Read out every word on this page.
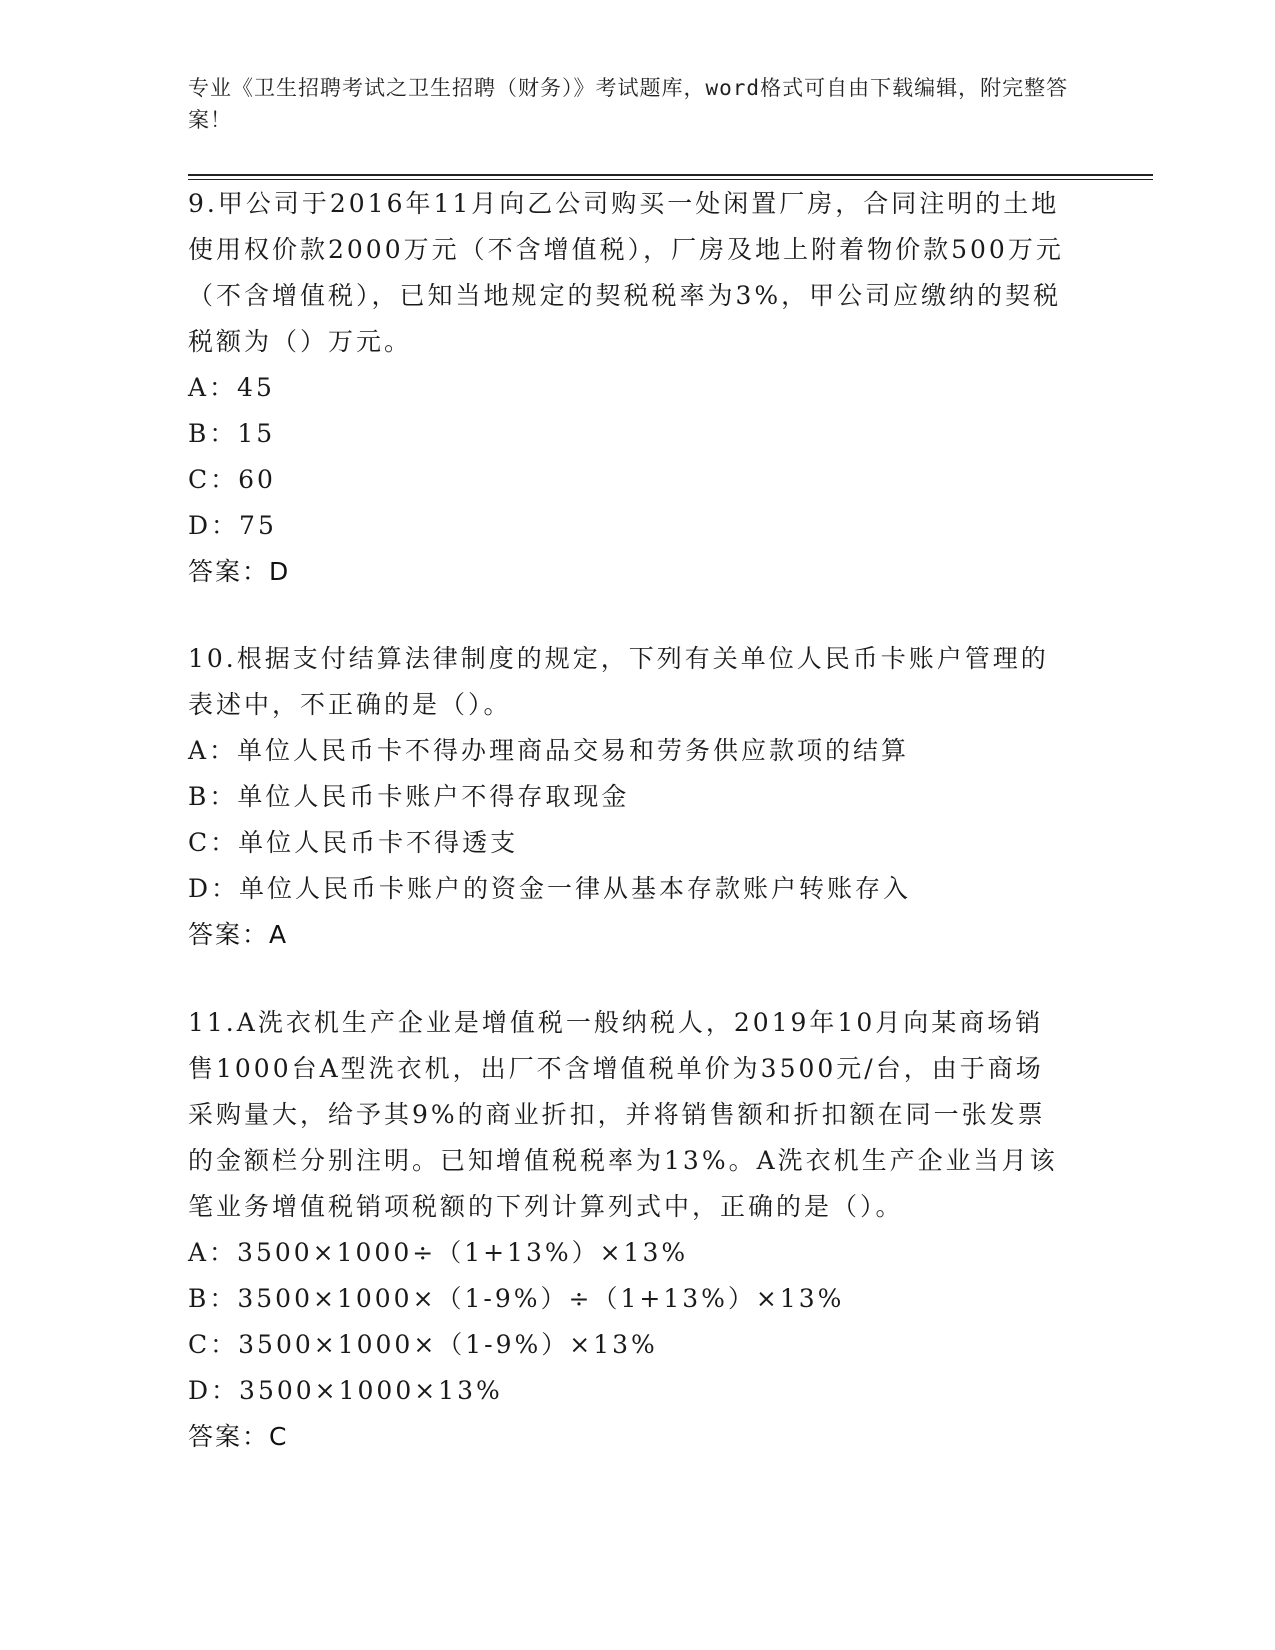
专业《卫生招聘考试之卫生招聘（财务）》考试题库，word格式可自由下载编辑，附完整答案！

9.甲公司于2016年11月向乙公司购买一处闲置厂房，合同注明的土地使用权价款2000万元（不含增值税），厂房及地上附着物价款500万元（不含增值税），已知当地规定的契税税率为3%，甲公司应缴纳的契税税额为（）万元。

A：45

B：15

C：60

D：75

答案：D

10.根据支付结算法律制度的规定，下列有关单位人民币卡账户管理的表述中，不正确的是（）。

A：单位人民币卡不得办理商品交易和劳务供应款项的结算

B：单位人民币卡账户不得存取现金

C：单位人民币卡不得透支

D：单位人民币卡账户的资金一律从基本存款账户转账存入

答案：A

11.A洗衣机生产企业是增值税一般纳税人，2019年10月向某商场销售1000台A型洗衣机，出厂不含增值税单价为3500元/台，由于商场采购量大，给予其9%的商业折扣，并将销售额和折扣额在同一张发票的金额栏分别注明。已知增值税税率为13%。A洗衣机生产企业当月该笔业务增值税销项税额的下列计算列式中，正确的是（）。

A：3500×1000÷（1+13%）×13%

B：3500×1000×（1-9%）÷（1+13%）×13%

C：3500×1000×（1-9%）×13%

D：3500×1000×13%

答案：C
